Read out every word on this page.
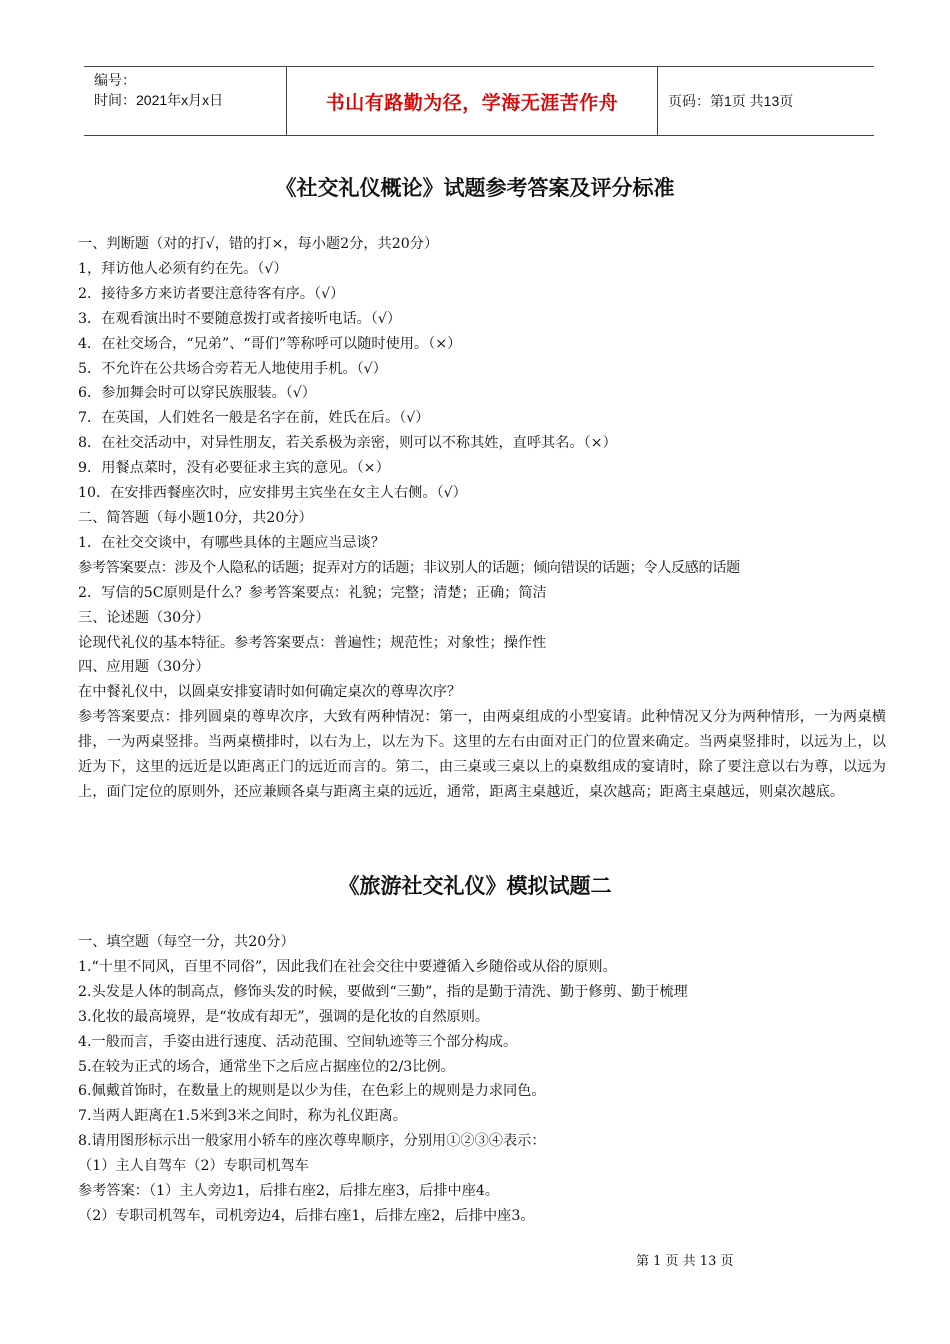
编号：
时间：2021年x月x日	书山有路勤为径，学海无涯苦作舟	页码：第1页 共13页
《社交礼仪概论》试题参考答案及评分标准

一、判断题（对的打√，错的打×，每小题2分，共20分）

1，拜访他人必须有约在先。（√）

2．接待多方来访者要注意待客有序。（√）

3．在观看演出时不要随意拨打或者接听电话。（√）

4．在社交场合，“兄弟”、“哥们”等称呼可以随时使用。（×）

5．不允许在公共场合旁若无人地使用手机。（√）

6．参加舞会时可以穿民族服装。（√）

7．在英国，人们姓名一般是名字在前，姓氏在后。（√）

8．在社交活动中，对异性朋友，若关系极为亲密，则可以不称其姓，直呼其名。（×）

9．用餐点菜时，没有必要征求主宾的意见。（×）

10．在安排西餐座次时，应安排男主宾坐在女主人右侧。（√）

二、简答题（每小题10分，共20分）

1．在社交交谈中，有哪些具体的主题应当忌谈？

参考答案要点：涉及个人隐私的话题；捉弄对方的话题；非议别人的话题；倾向错误的话题；令人反感的话题

2．写信的5C原则是什么？参考答案要点：礼貌；完整；清楚；正确；简洁

三、论述题（30分）

论现代礼仪的基本特征。参考答案要点：普遍性；规范性；对象性；操作性

四、应用题（30分）

在中餐礼仪中，以圆桌安排宴请时如何确定桌次的尊卑次序？

参考答案要点：排列圆桌的尊卑次序，大致有两种情况：第一，由两桌组成的小型宴请。此种情况又分为两种情形，一为两桌横排，一为两桌竖排。当两桌横排时，以右为上，以左为下。这里的左右由面对正门的位置来确定。当两桌竖排时，以远为上，以近为下，这里的远近是以距离正门的远近而言的。第二，由三桌或三桌以上的桌数组成的宴请时，除了要注意以右为尊，以远为上，面门定位的原则外，还应兼顾各桌与距离主桌的远近，通常，距离主桌越近，桌次越高；距离主桌越远，则桌次越底。

《旅游社交礼仪》模拟试题二

一、填空题（每空一分，共20分）

1.“十里不同风，百里不同俗”，因此我们在社会交往中要遵循入乡随俗或从俗的原则。

2.头发是人体的制高点，修饰头发的时候，要做到“三勤”，指的是勤于清洗、勤于修剪、勤于梳理

3.化妆的最高境界，是“妆成有却无”，强调的是化妆的自然原则。

4.一般而言，手姿由进行速度、活动范围、空间轨迹等三个部分构成。

5.在较为正式的场合，通常坐下之后应占据座位的2/3比例。

6.佩戴首饰时，在数量上的规则是以少为佳，在色彩上的规则是力求同色。

7.当两人距离在1.5米到3米之间时，称为礼仪距离。

8.请用图形标示出一般家用小轿车的座次尊卑顺序，分别用①②③④表示：

（1）主人自驾车（2）专职司机驾车

参考答案：（1）主人旁边1，后排右座2，后排左座3，后排中座4。

（2）专职司机驾车，司机旁边4，后排右座1，后排左座2，后排中座3。

第 1 页 共 13 页
